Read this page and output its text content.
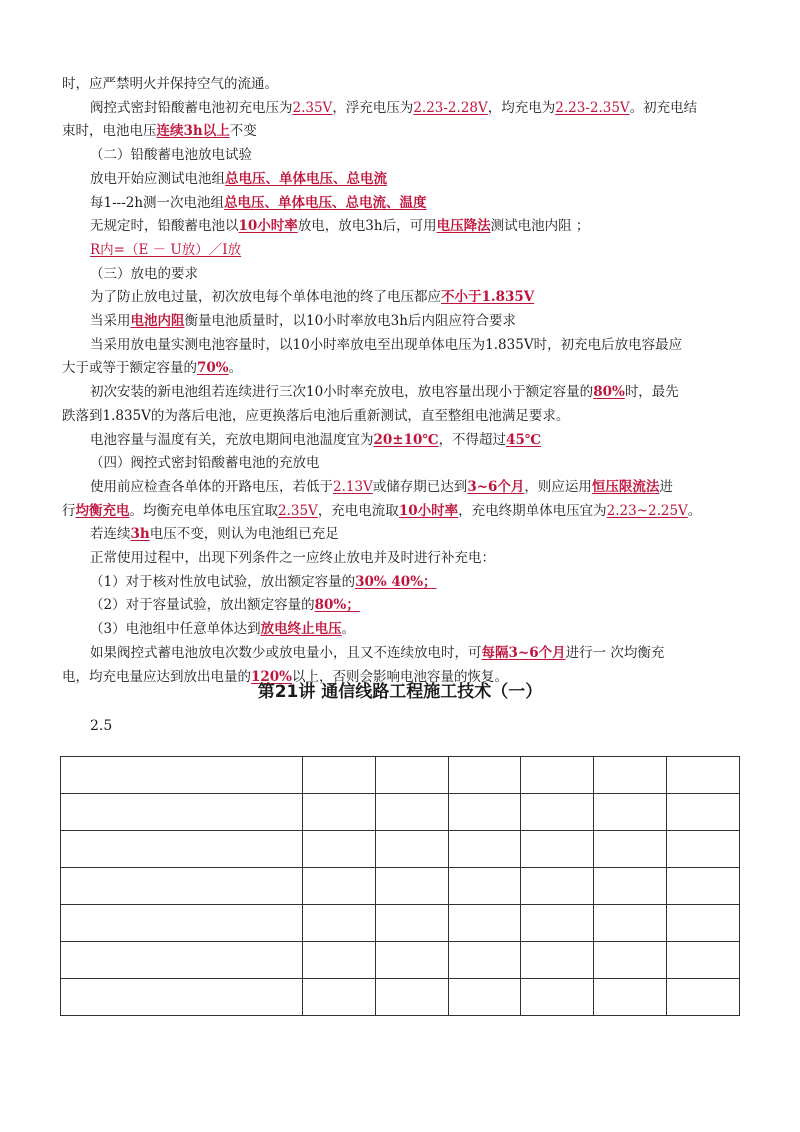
时，应严禁明火并保持空气的流通。
阀控式密封铅酸蓄电池初充电压为2.35V，浮充电压为2.23-2.28V，均充电为2.23-2.35V。初充电结
束时，电池电压连续3h以上不变
（二）铅酸蓄电池放电试验
放电开始应测试电池组总电压、单体电压、总电流
每1---2h测一次电池组总电压、单体电压、总电流、温度
无规定时，铅酸蓄电池以10小时率放电，放电3h后，可用电压降法测试电池内阻 ；
R内=（E － U放）／I放
（三）放电的要求
为了防止放电过量，初次放电每个单体电池的终了电压都应不小于1.835V
当采用电池内阻衡量电池质量时，以10小时率放电3h后内阻应符合要求
当采用放电量实测电池容量时，以10小时率放电至出现单体电压为1.835V时，初充电后放电容最应
大于或等于额定容量的70%。
初次安装的新电池组若连续进行三次10小时率充放电，放电容量出现小于额定容量的80%时，最先
跌落到1.835V的为落后电池，应更换落后电池后重新测试，直至整组电池满足要求。
电池容量与温度有关，充放电期间电池温度宜为20±10℃，不得超过45℃
（四）阀控式密封铅酸蓄电池的充放电
使用前应检查各单体的开路电压，若低于2.13V或储存期已达到3~6个月，则应运用恒压限流法进
行均衡充电。均衡充电单体电压宜取2.35V，充电电流取10小时率，充电终期单体电压宜为2.23~2.25V。
若连续3h电压不变，则认为电池组已充足
正常使用过程中，出现下列条件之一应终止放电并及时进行补充电：
（1）对于核对性放电试验，放出额定容量的30% 40%；
（2）对于容量试验，放出额定容量的80%；
（3）电池组中任意单体达到放电终止电压。
如果阀控式蓄电池放电次数少或放电量小，且又不连续放电时，可每隔3~6个月进行一 次均衡充
电，均充电量应达到放出电量的120%以上，否则会影响电池容量的恢复。
第21讲 通信线路工程施工技术（一）
2.5
